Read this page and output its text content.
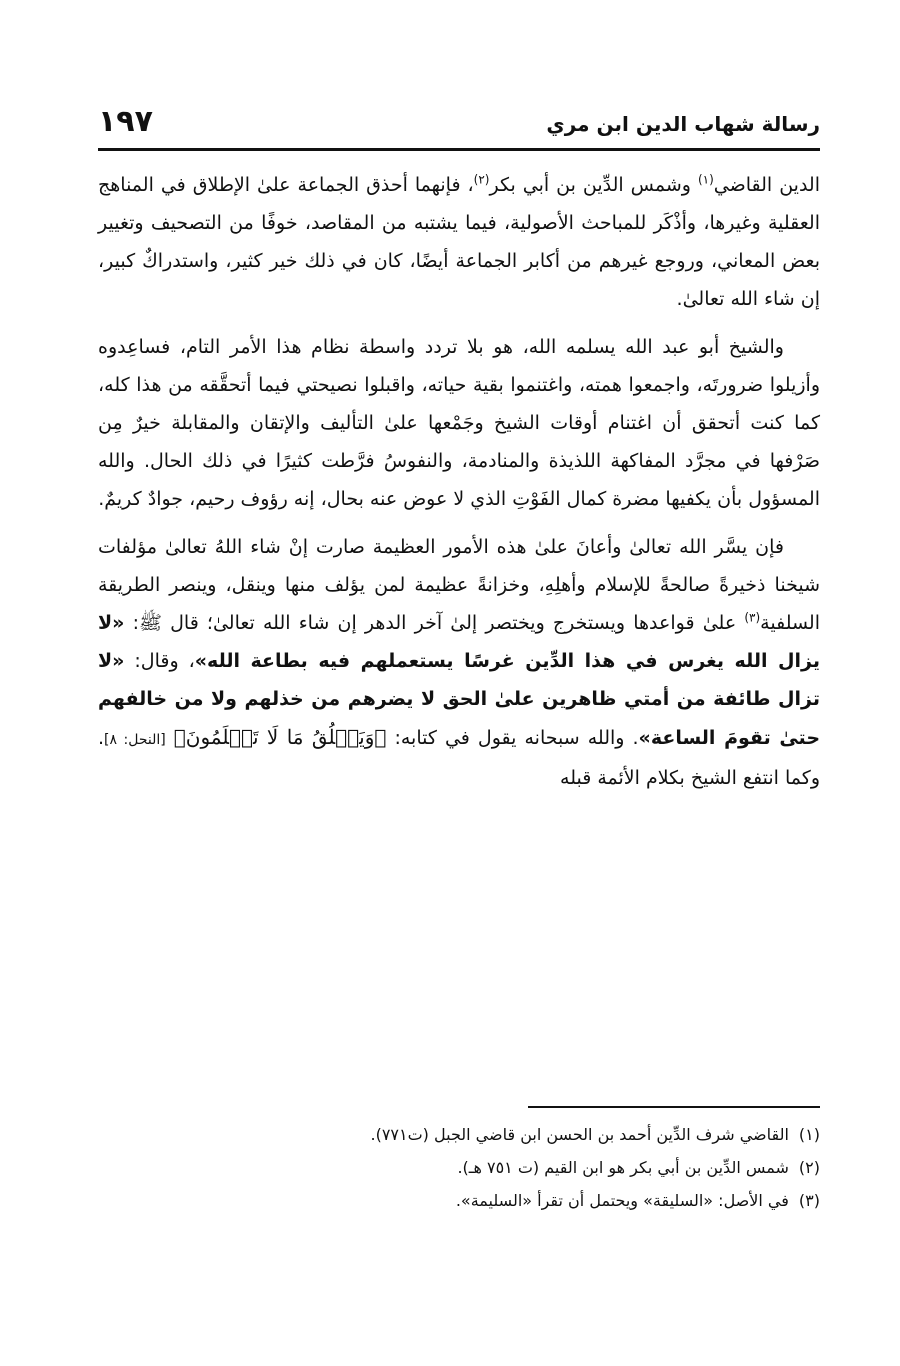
رسالة شهاب الدين ابن مري
١٩٧

الدين القاضي$^{(١)}$ وشمس الدِّين بن أبي بكر$^{(٢)}$، فإنهما أحذق الجماعة علىٰ الإطلاق في المناهج العقلية وغيرها، وأذْكَر للمباحث الأصولية، فيما يشتبه من المقاصد، خوفًا من التصحيف وتغيير بعض المعاني، وروجع غيرهم من أكابر الجماعة أيضًا، كان في ذلك خير كثير، واستدراكٌ كبير، إن شاء الله تعالىٰ.

والشيخ أبو عبد الله يسلمه الله، هو بلا تردد واسطة نظام هذا الأمر التام، فساعِدوه وأزيلوا ضرورتَه، واجمعوا همته، واغتنموا بقية حياته، واقبلوا نصيحتي فيما أتحقَّقه من هذا كله، كما كنت أتحقق أن اغتنام أوقات الشيخ وجَمْعها علىٰ التأليف والإتقان والمقابلة خيرٌ مِن صَرْفها في مجرَّد المفاكهة اللذيذة والمنادمة، والنفوسُ فرَّطت كثيرًا في ذلك الحال. والله المسؤول بأن يكفيها مضرة كمال الفَوْتِ الذي لا عوض عنه بحال، إنه رؤوف رحيم، جوادٌ كريمٌ.

فإن يسَّر الله تعالىٰ وأعانَ علىٰ هذه الأمور العظيمة صارت إنْ شاء اللهُ تعالىٰ مؤلفات شيخنا ذخيرةً صالحةً للإسلام وأهلِهِ، وخزانةً عظيمة لمن يؤلف منها وينقل، وينصر الطريقة السلفية$^{(٣)}$ علىٰ قواعدها ويستخرج ويختصر إلىٰ آخر الدهر إن شاء الله تعالىٰ؛ قال ﷺ: «لا يزال الله يغرس في هذا الدِّين غرسًا يستعملهم فيه بطاعة الله»، وقال: «لا تزال طائفة من أمتي ظاهرين علىٰ الحق لا يضرهم من خذلهم ولا من خالفهم حتىٰ تقومَ الساعة». والله سبحانه يقول في كتابه: ﴿وَيَخۡلُقُ مَا لَا تَعۡلَمُونَ﴾ [النحل: ٨]. وكما انتفع الشيخ بكلام الأئمة قبله

(١)القاضي شرف الدِّين أحمد بن الحسن ابن قاضي الجبل (ت٧٧١).
(٢)شمس الدِّين بن أبي بكر هو ابن القيم (ت ٧٥١ هـ).
(٣)في الأصل: «السليقة» ويحتمل أن تقرأ «السليمة».
